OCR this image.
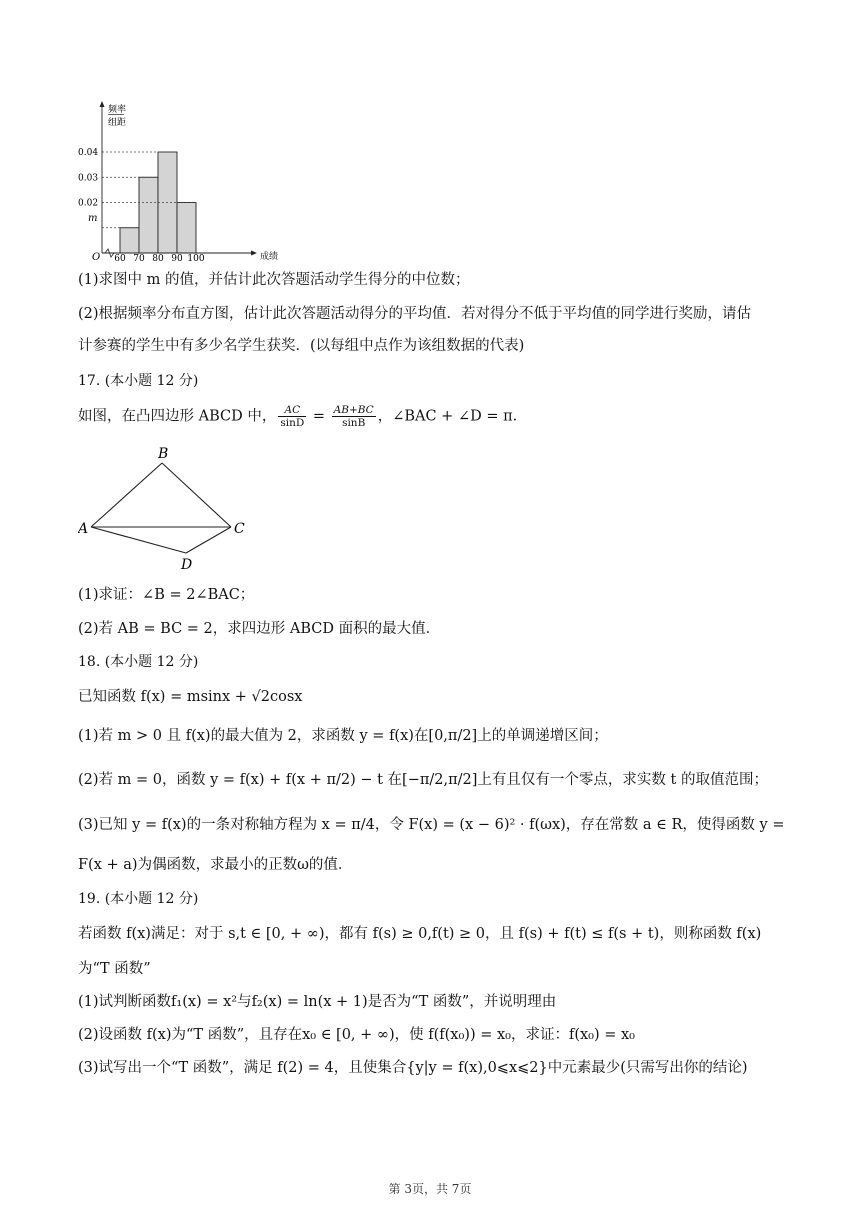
频率
组距
0.04
0.03
0.02
60 70 80 90 100
O	成绩
m
(1)求图中 m 的值，并估计此次答题活动学生得分的中位数；
(2)根据频率分布直方图，估计此次答题活动得分的平均值．若对得分不低于平均值的同学进行奖励，请估
计参赛的学生中有多少名学生获奖．(以每组中点作为该组数据的代表)
17. (本小题 12 分)
如图，在凸四边形 ABCD 中， $\frac{AC}{\sin D} = \frac{AB+BC}{\sin B}$ ，∠BAC + ∠D = π.
B
A	C
D
(1)求证：∠B = 2∠BAC；
(2)若 AB = BC = 2，求四边形 ABCD 面积的最大值．
18. (本小题 12 分)
已知函数 f(x) = msinx + √2cosx
(1)若 m > 0 且 f(x)的最大值为 2，求函数 y = f(x)在[0,π/2]上的单调递增区间；
(2)若 m = 0，函数 y = f(x) + f(x + π/2) − t 在[−π/2,π/2]上有且仅有一个零点，求实数 t 的取值范围；
(3)已知 y = f(x)的一条对称轴方程为 x = π/4，令 F(x) = (x − 6)² · f(ωx)，存在常数 a ∈ R，使得函数 y =
F(x + a)为偶函数，求最小的正数ω的值．
19. (本小题 12 分)
若函数 f(x)满足：对于 s,t ∈ [0, + ∞)，都有 f(s) ≥ 0,f(t) ≥ 0，且 f(s) + f(t) ≤ f(s + t)，则称函数 f(x)
为“T 函数”
(1)试判断函数f₁(x) = x²与f₂(x) = ln(x + 1)是否为“T 函数”，并说明理由
(2)设函数 f(x)为“T 函数”，且存在x₀ ∈ [0, + ∞)，使 f(f(x₀)) = x₀，求证：f(x₀) = x₀
(3)试写出一个“T 函数”，满足 f(2) = 4，且使集合{y|y = f(x),0⩽x⩽2}中元素最少(只需写出你的结论)
第 3页，共 7页
